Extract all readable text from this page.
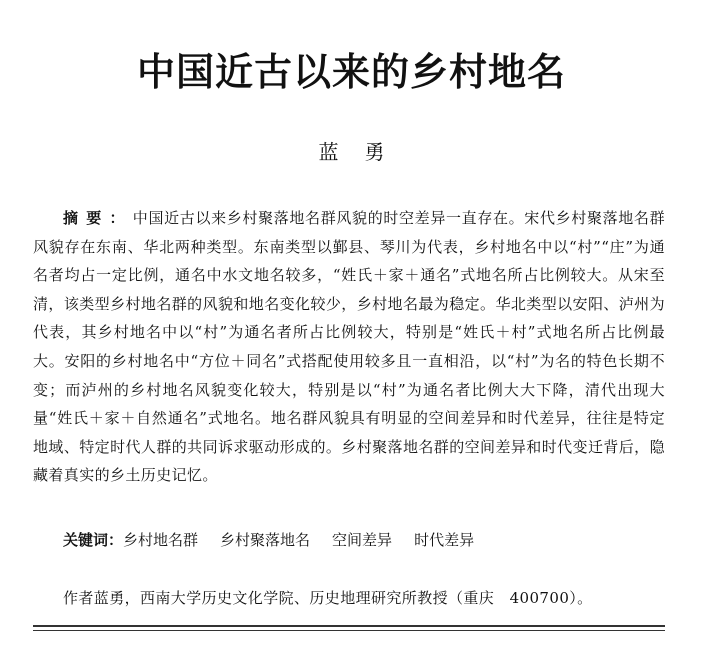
中国近古以来的乡村地名
蓝勇
摘要：中国近古以来乡村聚落地名群风貌的时空差异一直存在。宋代乡村聚落地名群风貌存在东南、华北两种类型。东南类型以鄞县、琴川为代表，乡村地名中以“村”“庄”为通名者均占一定比例，通名中水文地名较多，“姓氏＋家＋通名”式地名所占比例较大。从宋至清，该类型乡村地名群的风貌和地名变化较少，乡村地名最为稳定。华北类型以安阳、泸州为代表，其乡村地名中以“村”为通名者所占比例较大，特别是“姓氏＋村”式地名所占比例最大。安阳的乡村地名中“方位＋同名”式搭配使用较多且一直相沿，以“村”为名的特色长期不变；而泸州的乡村地名风貌变化较大，特别是以“村”为通名者比例大大下降，清代出现大量“姓氏＋家＋自然通名”式地名。地名群风貌具有明显的空间差异和时代差异，往往是特定地域、特定时代人群的共同诉求驱动形成的。乡村聚落地名群的空间差异和时代变迁背后，隐藏着真实的乡土历史记忆。
关键词：乡村地名群 乡村聚落地名 空间差异 时代差异
作者蓝勇，西南大学历史文化学院、历史地理研究所教授（重庆　400700）。
